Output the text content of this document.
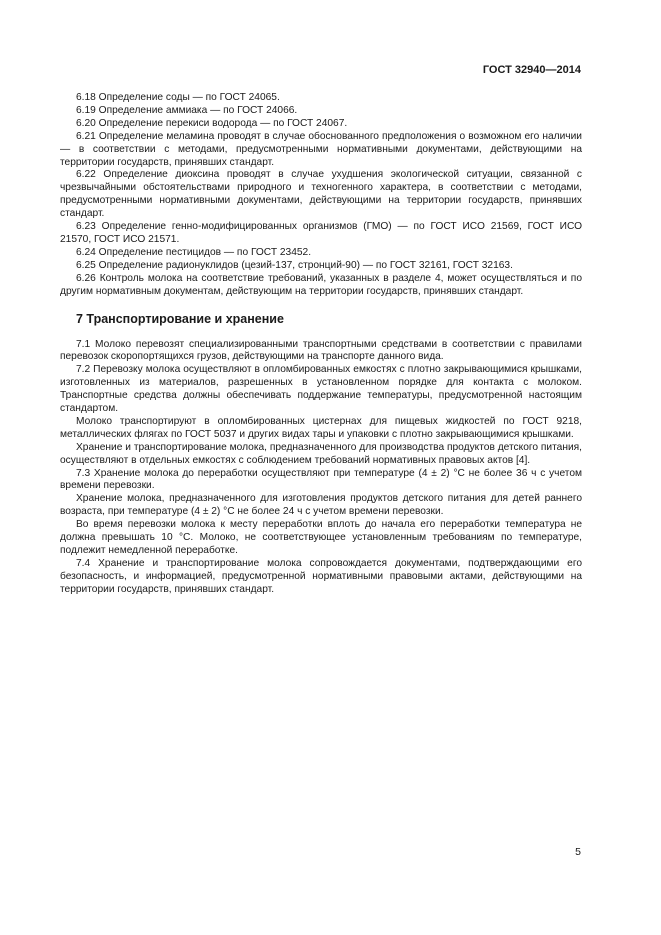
ГОСТ 32940—2014

6.18 Определение соды — по ГОСТ 24065.

6.19 Определение аммиака — по ГОСТ 24066.

6.20 Определение перекиси водорода — по ГОСТ 24067.

6.21 Определение меламина проводят в случае обоснованного предположения о возможном его наличии — в соответствии с методами, предусмотренными нормативными документами, действующими на территории государств, принявших стандарт.

6.22 Определение диоксина проводят в случае ухудшения экологической ситуации, связанной с чрезвычайными обстоятельствами природного и техногенного характера, в соответствии с методами, предусмотренными нормативными документами, действующими на территории государств, принявших стандарт.

6.23 Определение генно-модифицированных организмов (ГМО) — по ГОСТ ИСО 21569, ГОСТ ИСО 21570, ГОСТ ИСО 21571.

6.24 Определение пестицидов — по ГОСТ 23452.

6.25 Определение радионуклидов (цезий-137, стронций-90) — по ГОСТ 32161, ГОСТ 32163.

6.26 Контроль молока на соответствие требований, указанных в разделе 4, может осуществляться и по другим нормативным документам, действующим на территории государств, принявших стандарт.

7 Транспортирование и хранение

7.1 Молоко перевозят специализированными транспортными средствами в соответствии с правилами перевозок скоропортящихся грузов, действующими на транспорте данного вида.

7.2 Перевозку молока осуществляют в опломбированных емкостях с плотно закрывающимися крышками, изготовленных из материалов, разрешенных в установленном порядке для контакта с молоком. Транспортные средства должны обеспечивать поддержание температуры, предусмотренной настоящим стандартом.

Молоко транспортируют в опломбированных цистернах для пищевых жидкостей по ГОСТ 9218, металлических флягах по ГОСТ 5037 и других видах тары и упаковки с плотно закрывающимися крышками.

Хранение и транспортирование молока, предназначенного для производства продуктов детского питания, осуществляют в отдельных емкостях с соблюдением требований нормативных правовых актов [4].

7.3 Хранение молока до переработки осуществляют при температуре (4 ± 2) °С не более 36 ч с учетом времени перевозки.

Хранение молока, предназначенного для изготовления продуктов детского питания для детей раннего возраста, при температуре (4 ± 2) °С не более 24 ч с учетом времени перевозки.

Во время перевозки молока к месту переработки вплоть до начала его переработки температура не должна превышать 10 °С. Молоко, не соответствующее установленным требованиям по температуре, подлежит немедленной переработке.

7.4 Хранение и транспортирование молока сопровождается документами, подтверждающими его безопасность, и информацией, предусмотренной нормативными правовыми актами, действующими на территории государств, принявших стандарт.

5
